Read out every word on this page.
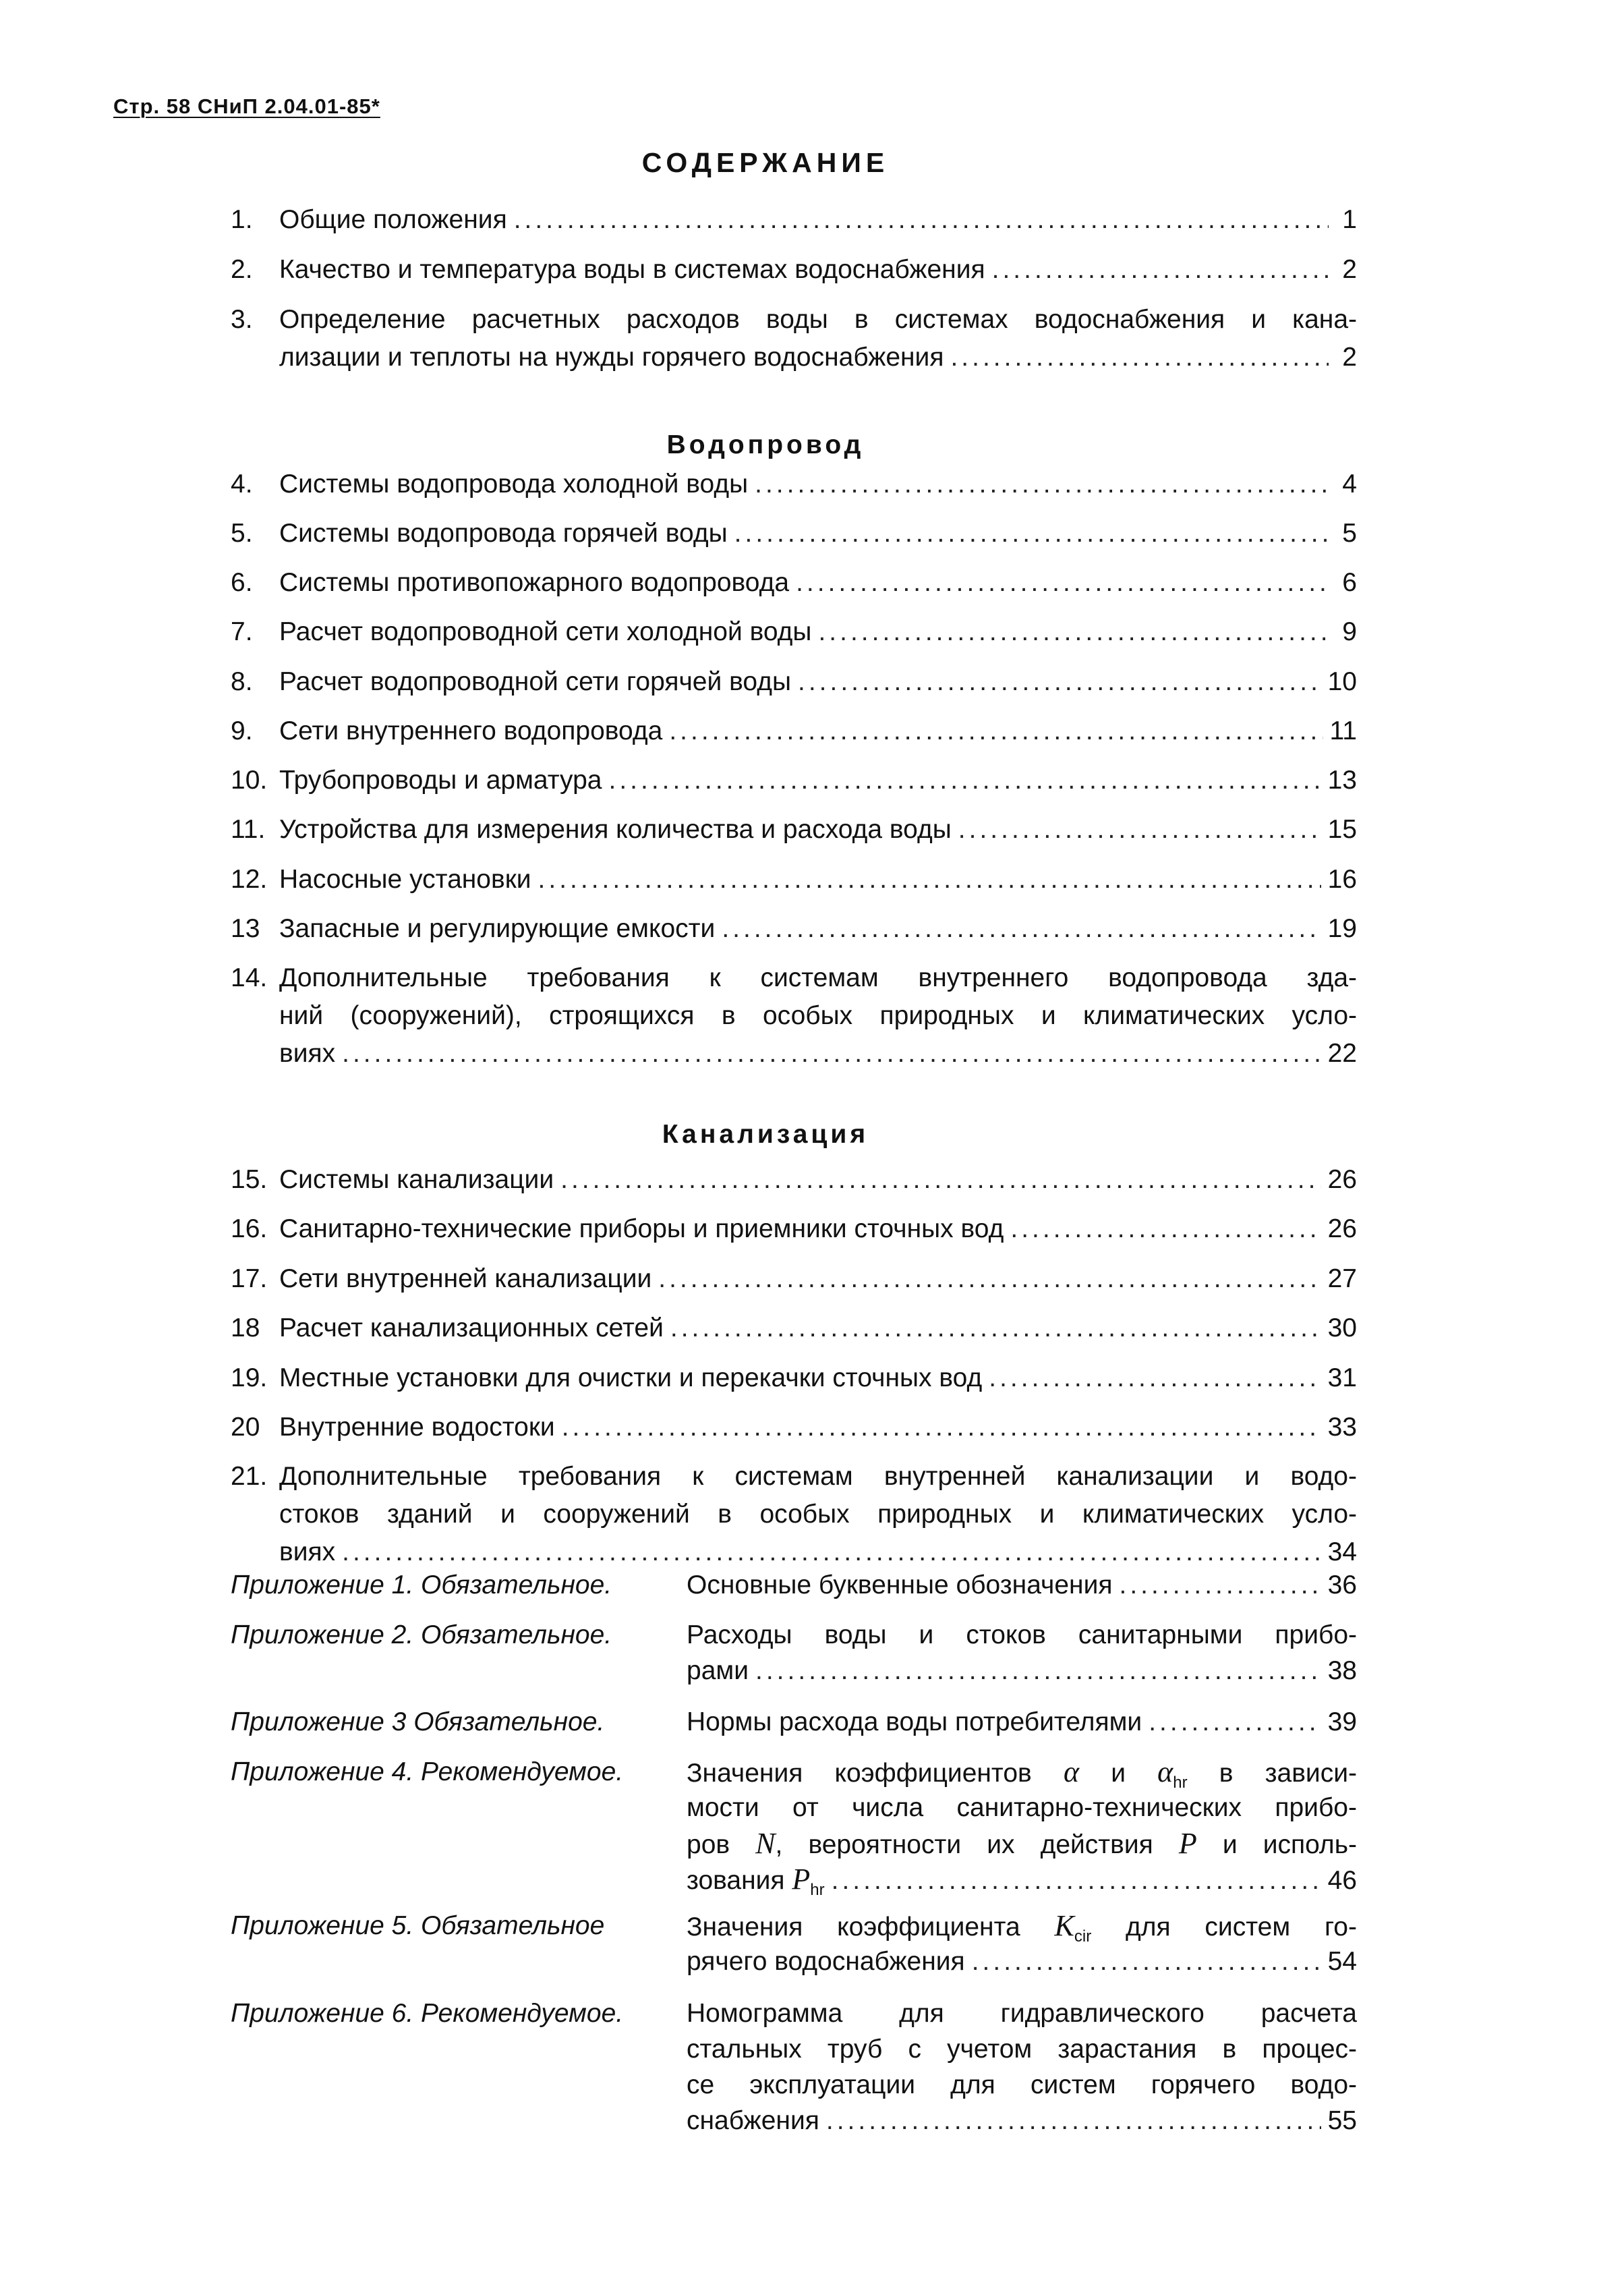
Стр. 58 СНиП 2.04.01-85*
СОДЕРЖАНИЕ
Водопровод
Канализация
1. Общие положения .....	1
2. Качество и температура воды в системах водоснабжения .....	2
3. Определение расчетных расходов воды в системах водоснабжения и кана-
лизации и теплоты на нужды горячего водоснабжения .....	2
4. Системы водопровода холодной воды .....	4
5. Системы водопровода горячей воды .....	5
6. Системы противопожарного водопровода .....	6
7. Расчет водопроводной сети холодной воды .....	9
8. Расчет водопроводной сети горячей воды .....	10
9. Сети внутреннего водопровода .....	11
10. Трубопроводы и арматура .....	13
11. Устройства для измерения количества и расхода воды .....	15
12. Насосные установки .....	16
13 Запасные и регулирующие емкости .....	19
14. Дополнительные требования к системам внутреннего водопровода зда-
ний (сооружений), строящихся в особых природных и климатических усло-
виях .....	22
15. Системы канализации .....	26
16. Санитарно-технические приборы и приемники сточных вод .....	26
17. Сети внутренней канализации .....	27
18 Расчет канализационных сетей .....	30
19. Местные установки для очистки и перекачки сточных вод .....	31
20 Внутренние водостоки .....	33
21. Дополнительные требования к системам внутренней канализации и водо-
стоков зданий и сооружений в особых природных и климатических усло-
виях .....	34
Приложение 1. Обязательное.	Основные буквенные обозначения .....	36
Приложение 2. Обязательное.	Расходы воды и стоков санитарными прибо-
рами .....	38
Приложение 3 Обязательное.	Нормы расхода воды потребителями .....	39
Приложение 4. Рекомендуемое. Значения коэффициентов α и $\alpha_{hr}$ в зависи-
мости от числа санитарно-технических прибо-
ров N, вероятности их действия P и исполь-
зования $P_{hr}$ .....	46
Приложение 5. Обязательное	Значения коэффициента $K_{cir}$ для систем го-
рячего водоснабжения .....	54
Приложение 6. Рекомендуемое. Номограмма для гидравлического расчета
стальных труб с учетом зарастания в процес-
се эксплуатации для систем горячего водо-
снабжения .....	55
